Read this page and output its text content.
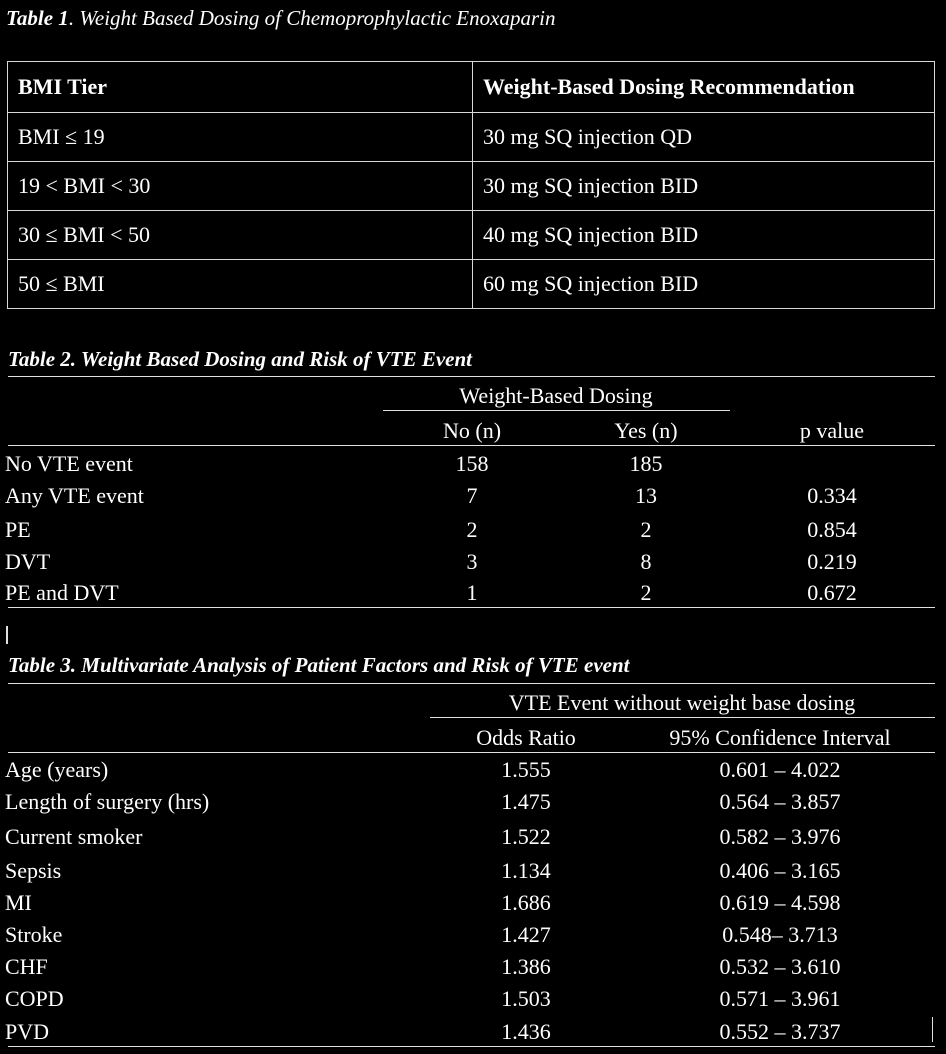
Table 1. Weight Based Dosing of Chemoprophylactic Enoxaparin
BMI Tier	Weight-Based Dosing Recommendation
BMI ≤ 19	30 mg SQ injection QD
19 < BMI < 30	30 mg SQ injection BID
30 ≤ BMI < 50	40 mg SQ injection BID
50 ≤ BMI	60 mg SQ injection BID
Table 2. Weight Based Dosing and Risk of VTE Event
Weight-Based Dosing
No (n)	Yes (n)	p value
No VTE event	158	185
Any VTE event	7	13	0.334
PE	2	2	0.854
DVT	3	8	0.219
PE and DVT	1	2	0.672
Table 3. Multivariate Analysis of Patient Factors and Risk of VTE event
VTE Event without weight base dosing
Odds Ratio	95% Confidence Interval
Age (years)	1.555	0.601 – 4.022
Length of surgery (hrs)	1.475	0.564 – 3.857
Current smoker	1.522	0.582 – 3.976
Sepsis	1.134	0.406 – 3.165
MI	1.686	0.619 – 4.598
Stroke	1.427	0.548– 3.713
CHF	1.386	0.532 – 3.610
COPD	1.503	0.571 – 3.961
PVD	1.436	0.552 – 3.737
